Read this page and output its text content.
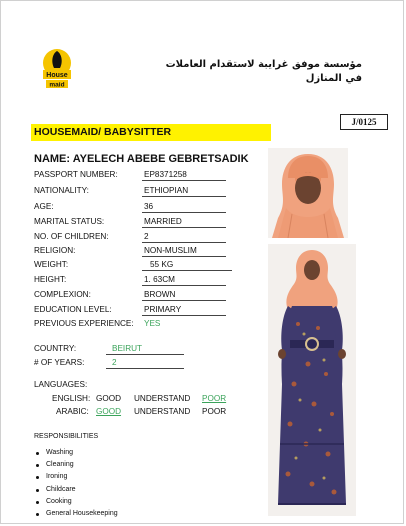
House
maid
مؤسسة موفق غرايبة لاستقدام العاملات
في المنازل
J/0125
HOUSEMAID/ BABYSITTER
NAME: AYELECH ABEBE GEBRETSADIK
PASSPORT NUMBER:	EP8371258
NATIONALITY:	ETHIOPIAN
AGE:	36
MARITAL STATUS:	MARRIED
NO. OF CHILDREN:	2
RELIGION:	NON-MUSLIM
WEIGHT:	55 KG
HEIGHT:	1. 63CM
COMPLEXION:	BROWN
EDUCATION LEVEL:	PRIMARY
PREVIOUS EXPERIENCE: YES
COUNTRY:	BEIRUT
# OF YEARS:	2
LANGUAGES:
ENGLISH: GOOD UNDERSTAND POOR
ARABIC: GOOD UNDERSTAND POOR
RESPONSIBILITIES
Washing
Cleaning
Ironing
Childcare
Cooking
General Housekeeping
